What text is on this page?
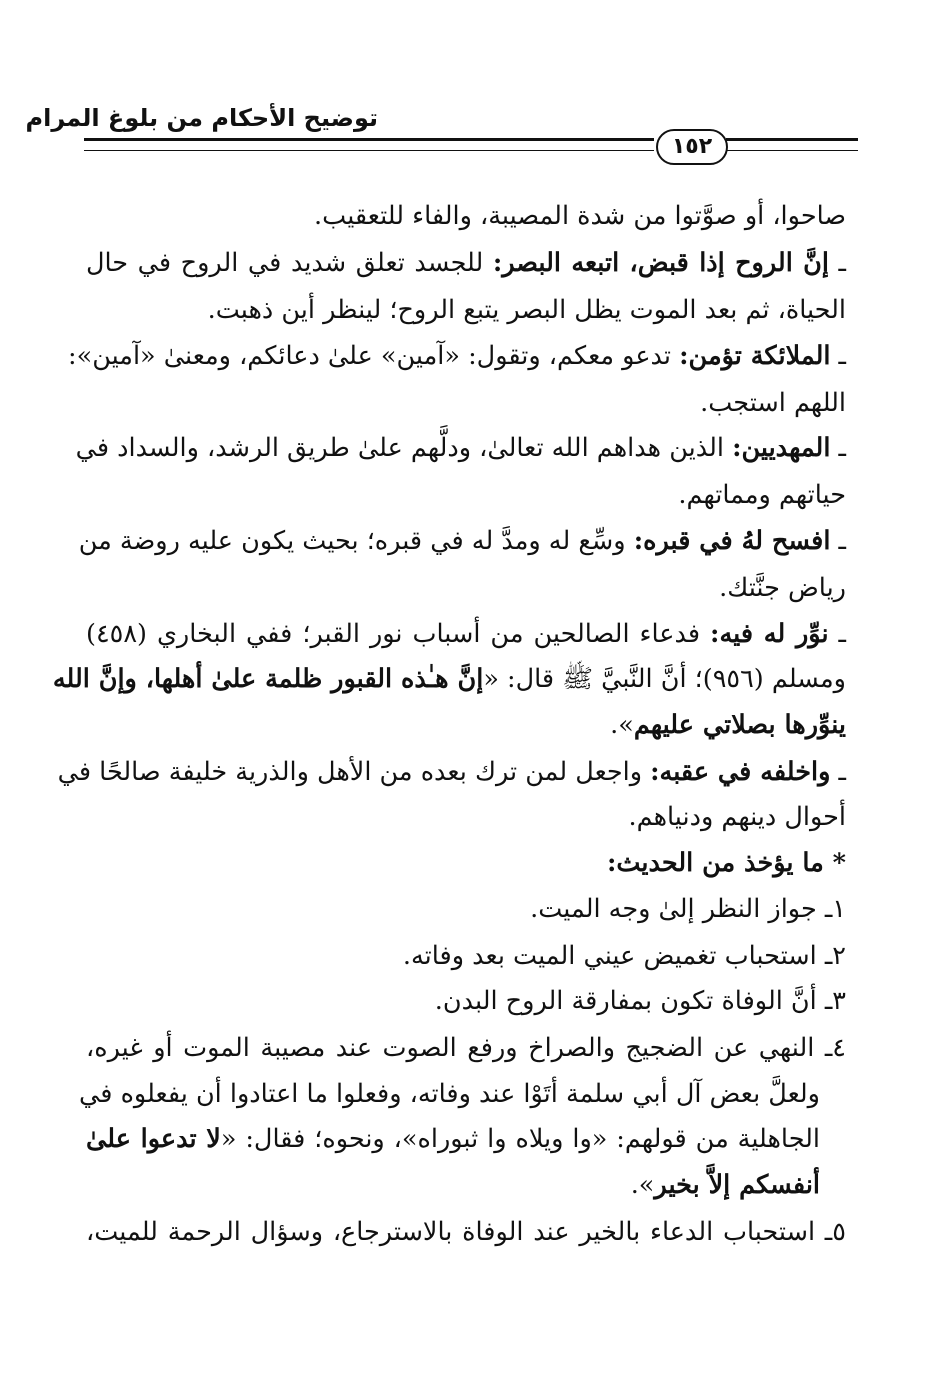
توضيح الأحكام من بلوغ المرام
١٥٢
صاحوا، أو صوَّتوا من شدة المصيبة، والفاء للتعقيب.
ـ إنَّ الروح إذا قبض، اتبعه البصر: للجسد تعلق شديد في الروح في حال
الحياة، ثم بعد الموت يظل البصر يتبع الروح؛ لينظر أين ذهبت.
ـ الملائكة تؤمن: تدعو معكم، وتقول: «آمين» علىٰ دعائكم، ومعنىٰ «آمين»:
اللهم استجب.
ـ المهديين: الذين هداهم الله تعالىٰ، ودلَّهم علىٰ طريق الرشد، والسداد في
حياتهم ومماتهم.
ـ افسح لهُ في قبره: وسِّع له ومدَّ له في قبره؛ بحيث يكون عليه روضة من
رياض جنَّتك.
ـ نوِّر له فيه: فدعاء الصالحين من أسباب نور القبر؛ ففي البخاري (٤٥٨)
ومسلم (٩٥٦)؛ أنَّ النَّبيَّ ﷺ قال: «إنَّ هـٰذه القبور ظلمة علىٰ أهلها، وإنَّ الله
ينوِّرها بصلاتي عليهم».
ـ واخلفه في عقبه: واجعل لمن ترك بعده من الأهل والذرية خليفة صالحًا في
أحوال دينهم ودنياهم.
* ما يؤخذ من الحديث:
١ـ جواز النظر إلىٰ وجه الميت.
٢ـ استحباب تغميض عيني الميت بعد وفاته.
٣ـ أنَّ الوفاة تكون بمفارقة الروح البدن.
٤ـ النهي عن الضجيج والصراخ ورفع الصوت عند مصيبة الموت أو غيره،
ولعلَّ بعض آل أبي سلمة أتَوْا عند وفاته، وفعلوا ما اعتادوا أن يفعلوه في
الجاهلية من قولهم: «وا ويلاه وا ثبوراه»، ونحوه؛ فقال: «لا تدعوا علىٰ
أنفسكم إلاَّ بخير».
٥ـ استحباب الدعاء بالخير عند الوفاة بالاسترجاع، وسؤال الرحمة للميت،
